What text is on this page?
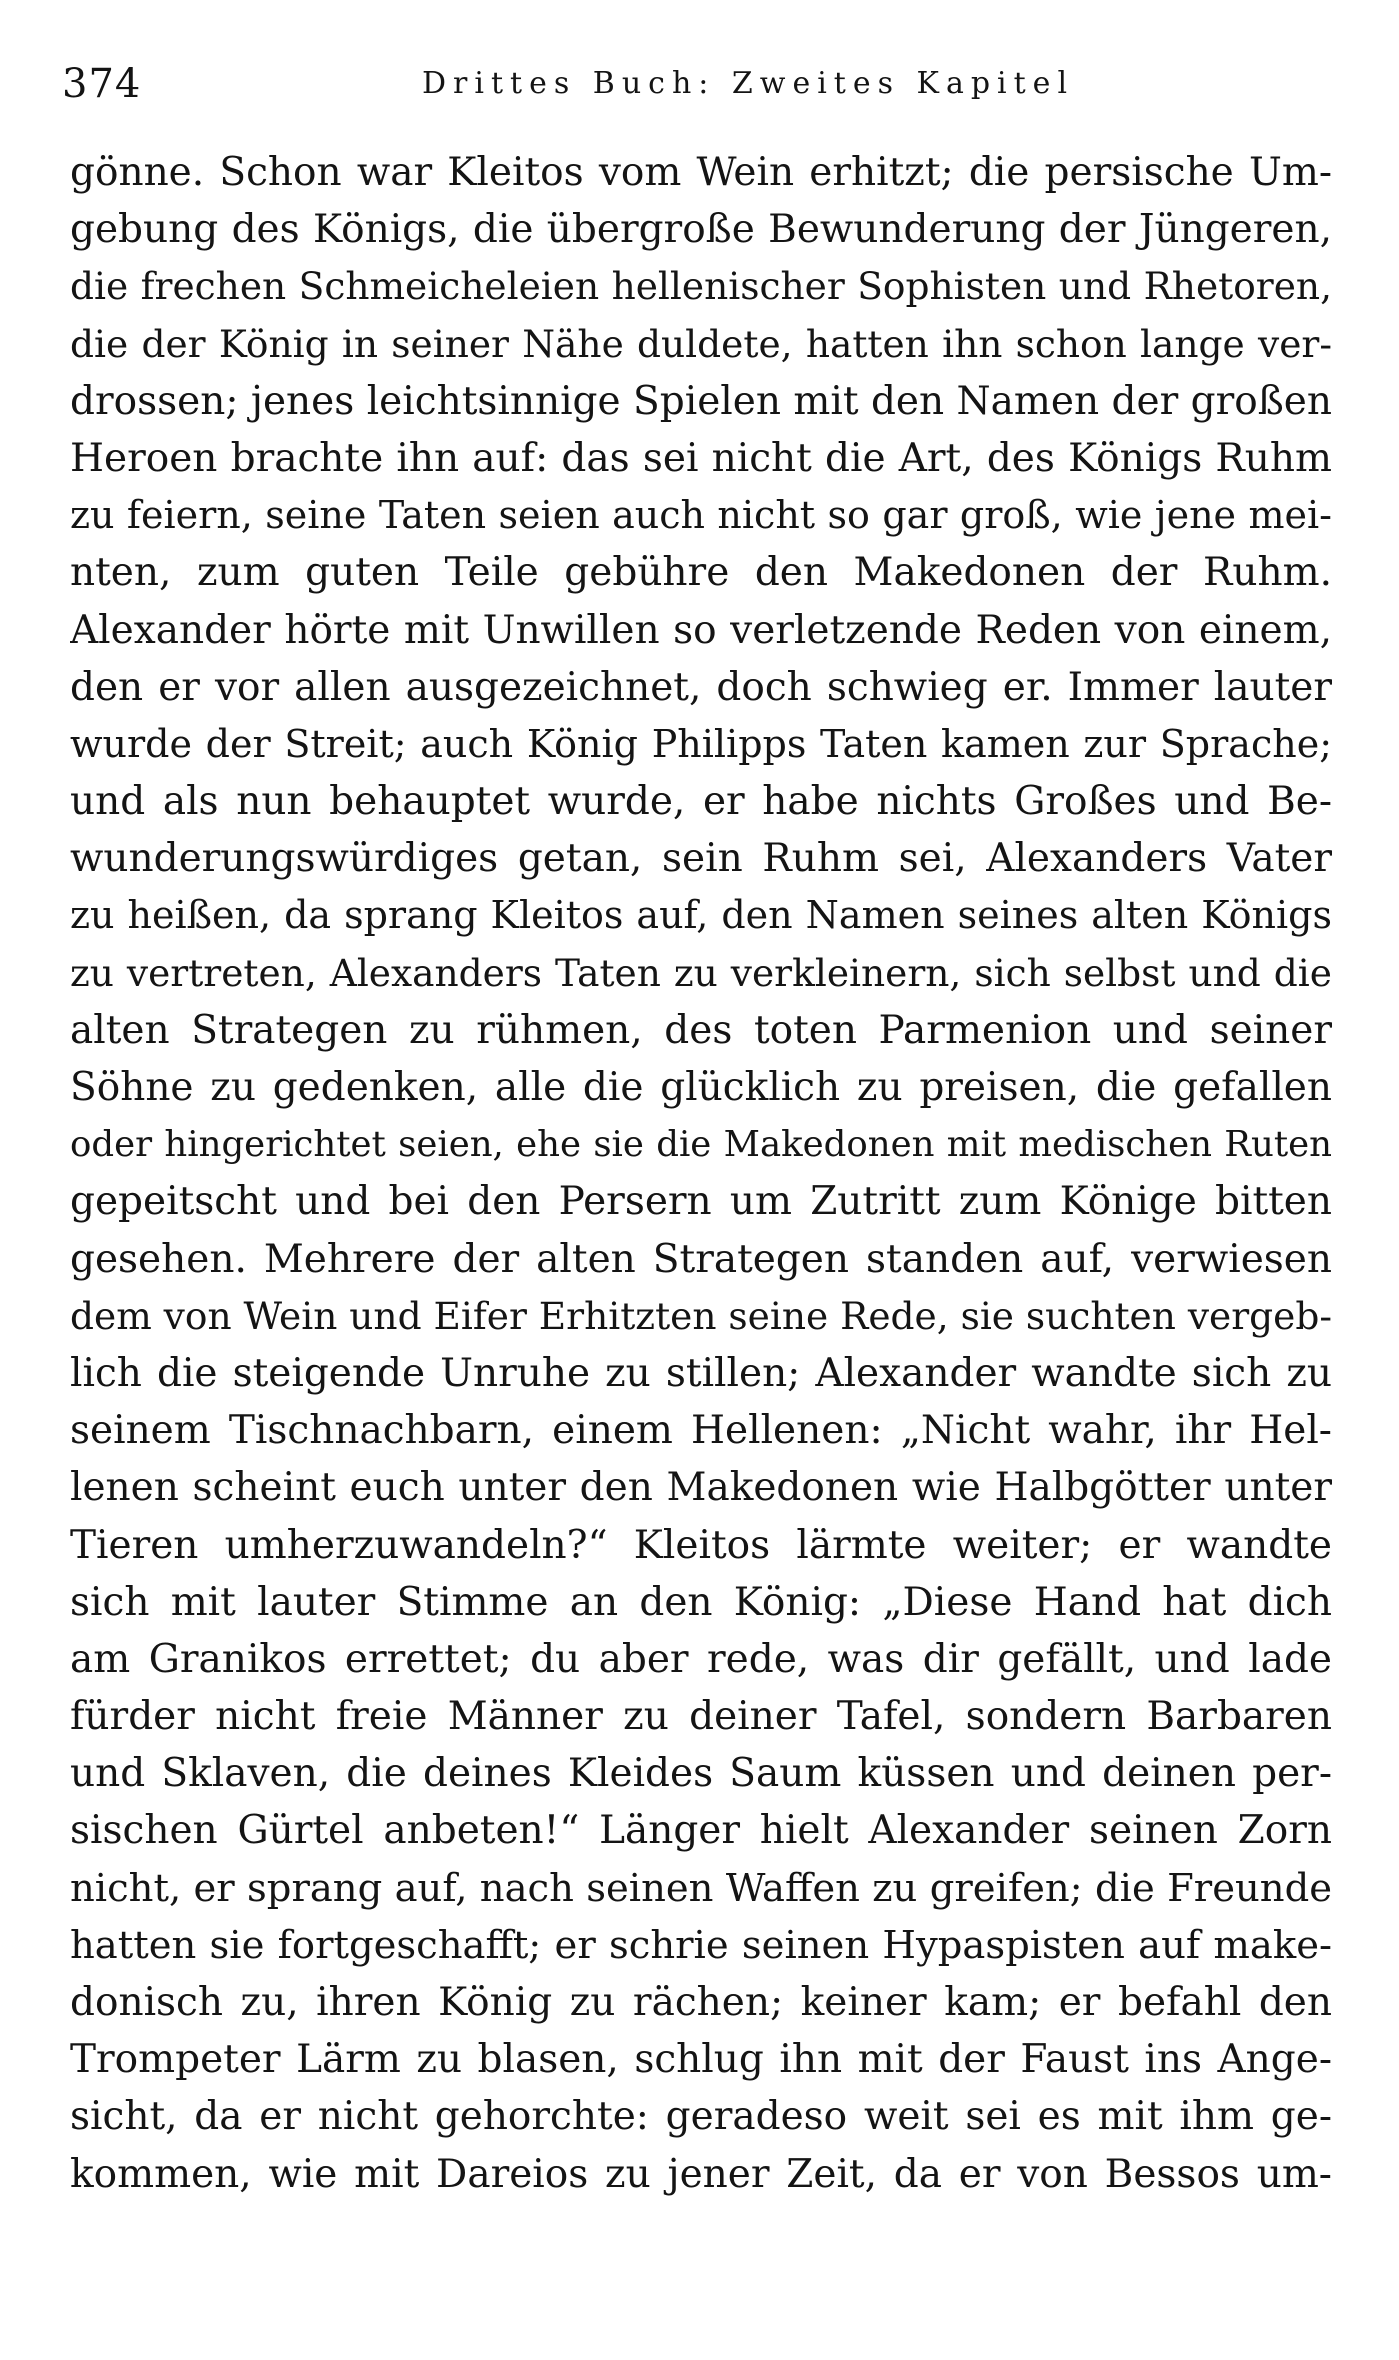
374	Drittes Buch: Zweites Kapitel
gönne. Schon war Kleitos vom Wein erhitzt; die persische Um-
gebung des Königs, die übergroße Bewunderung der Jüngeren,
die frechen Schmeicheleien hellenischer Sophisten und Rhetoren,
die der König in seiner Nähe duldete, hatten ihn schon lange ver-
drossen; jenes leichtsinnige Spielen mit den Namen der großen
Heroen brachte ihn auf: das sei nicht die Art, des Königs Ruhm
zu feiern, seine Taten seien auch nicht so gar groß, wie jene mei-
nten, zum guten Teile gebühre den Makedonen der Ruhm.
Alexander hörte mit Unwillen so verletzende Reden von einem,
den er vor allen ausgezeichnet, doch schwieg er. Immer lauter
wurde der Streit; auch König Philipps Taten kamen zur Sprache;
und als nun behauptet wurde, er habe nichts Großes und Be-
wunderungswürdiges getan, sein Ruhm sei, Alexanders Vater
zu heißen, da sprang Kleitos auf, den Namen seines alten Königs
zu vertreten, Alexanders Taten zu verkleinern, sich selbst und die
alten Strategen zu rühmen, des toten Parmenion und seiner
Söhne zu gedenken, alle die glücklich zu preisen, die gefallen
oder hingerichtet seien, ehe sie die Makedonen mit medischen Ruten
gepeitscht und bei den Persern um Zutritt zum Könige bitten
gesehen. Mehrere der alten Strategen standen auf, verwiesen
dem von Wein und Eifer Erhitzten seine Rede, sie suchten vergeb-
lich die steigende Unruhe zu stillen; Alexander wandte sich zu
seinem Tischnachbarn, einem Hellenen: „Nicht wahr, ihr Hel-
lenen scheint euch unter den Makedonen wie Halbgötter unter
Tieren umherzuwandeln?“ Kleitos lärmte weiter; er wandte
sich mit lauter Stimme an den König: „Diese Hand hat dich
am Granikos errettet; du aber rede, was dir gefällt, und lade
fürder nicht freie Männer zu deiner Tafel, sondern Barbaren
und Sklaven, die deines Kleides Saum küssen und deinen per-
sischen Gürtel anbeten!“ Länger hielt Alexander seinen Zorn
nicht, er sprang auf, nach seinen Waffen zu greifen; die Freunde
hatten sie fortgeschafft; er schrie seinen Hypaspisten auf make-
donisch zu, ihren König zu rächen; keiner kam; er befahl den
Trompeter Lärm zu blasen, schlug ihn mit der Faust ins Ange-
sicht, da er nicht gehorchte: geradeso weit sei es mit ihm ge-
kommen, wie mit Dareios zu jener Zeit, da er von Bessos um-
